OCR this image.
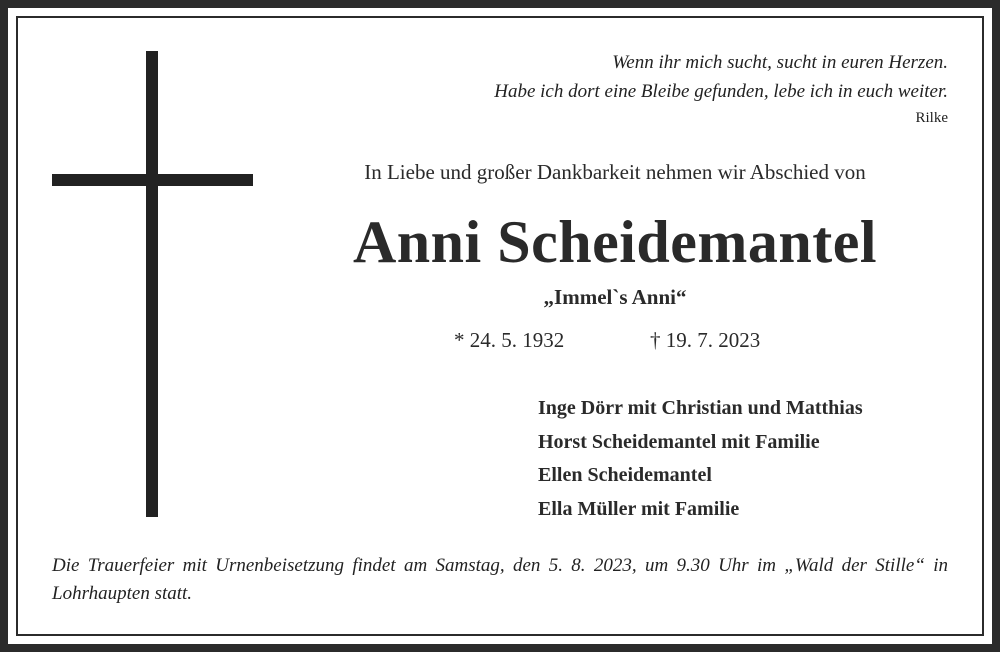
Wenn ihr mich sucht, sucht in euren Herzen.
Habe ich dort eine Bleibe gefunden, lebe ich in euch weiter.
Rilke
In Liebe und großer Dankbarkeit nehmen wir Abschied von
Anni Scheidemantel
„Immel`s Anni“
* 24. 5. 1932	† 19. 7. 2023
Inge Dörr mit Christian und Matthias
Horst Scheidemantel mit Familie
Ellen Scheidemantel
Ella Müller mit Familie
Die Trauerfeier mit Urnenbeisetzung findet am Samstag, den 5. 8. 2023, um 9.30 Uhr im „Wald der Stille“ in Lohrhaupten statt.
